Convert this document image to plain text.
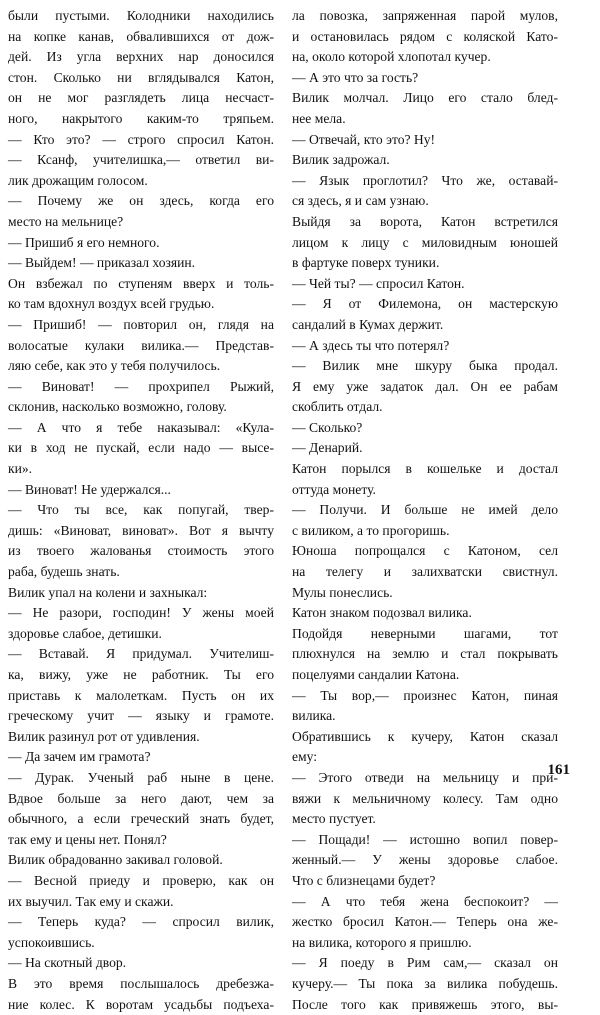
были пустыми. Колодники находились
на копке канав, обвалившихся от дож-
дей. Из угла верхних нар доносился
стон. Сколько ни вглядывался Катон,
он не мог разглядеть лица несчаст-
ного, накрытого каким-то тряпьем.
— Кто это? — строго спросил Катон.
— Ксанф, учителишка,— ответил ви-
лик дрожащим голосом.
— Почему же он здесь, когда его
место на мельнице?
— Пришиб я его немного.
— Выйдем! — приказал хозяин.
Он взбежал по ступеням вверх и толь-
ко там вдохнул воздух всей грудью.
— Пришиб! — повторил он, глядя на
волосатые кулаки вилика.— Представ-
ляю себе, как это у тебя получилось.
— Виноват! — прохрипел Рыжий,
склонив, насколько возможно, голову.
— А что я тебе наказывал: «Кула-
ки в ход не пускай, если надо — высе-
ки».
— Виноват! Не удержался...
— Что ты все, как попугай, твер-
дишь: «Виноват, виноват». Вот я вычту
из твоего жалованья стоимость этого
раба, будешь знать.
Вилик упал на колени и захныкал:
— Не разори, господин! У жены моей
здоровье слабое, детишки.
— Вставай. Я придумал. Учителиш-
ка, вижу, уже не работник. Ты его
приставь к малолеткам. Пусть он их
греческому учит — языку и грамоте.
Вилик разинул рот от удивления.
— Да зачем им грамота?
— Дурак. Ученый раб ныне в цене.
Вдвое больше за него дают, чем за
обычного, а если греческий знать будет,
так ему и цены нет. Понял?
Вилик обрадованно закивал головой.
— Весной приеду и проверю, как он
их выучил. Так ему и скажи.
— Теперь куда? — спросил вилик,
успокоившись.
— На скотный двор.
В это время послышалось дребезжа-
ние колес. К воротам усадьбы подъеха-
ла повозка, запряженная парой мулов,
и остановилась рядом с коляской Като-
на, около которой хлопотал кучер.
— А это что за гость?
Вилик молчал. Лицо его стало блед-
нее мела.
— Отвечай, кто это? Ну!
Вилик задрожал.
— Язык проглотил? Что же, оставай-
ся здесь, я и сам узнаю.
Выйдя за ворота, Катон встретился
лицом к лицу с миловидным юношей
в фартуке поверх туники.
— Чей ты? — спросил Катон.
— Я от Филемона, он мастерскую
сандалий в Кумах держит.
— А здесь ты что потерял?
— Вилик мне шкуру быка продал.
Я ему уже задаток дал. Он ее рабам
скоблить отдал.
— Сколько?
— Денарий.
Катон порылся в кошельке и достал
оттуда монету.
— Получи. И больше не имей дело
с виликом, а то прогоришь.
Юноша попрощался с Катоном, сел
на телегу и залихватски свистнул.
Мулы понеслись.
Катон знаком подозвал вилика.
Подойдя неверными шагами, тот
плюхнулся на землю и стал покрывать
поцелуями сандалии Катона.
— Ты вор,— произнес Катон, пиная
вилика.
Обратившись к кучеру, Катон сказал
ему:
— Этого отведи на мельницу и при-
вяжи к мельничному колесу. Там одно
место пустует.
— Пощади! — истошно вопил повер-
женный.— У жены здоровье слабое.
Что с близнецами будет?
— А что тебя жена беспокоит? —
жестко бросил Катон.— Теперь она же-
на вилика, которого я пришлю.
— Я поеду в Рим сам,— сказал он
кучеру.— Ты пока за вилика побудешь.
После того как привяжешь этого, вы-
161
